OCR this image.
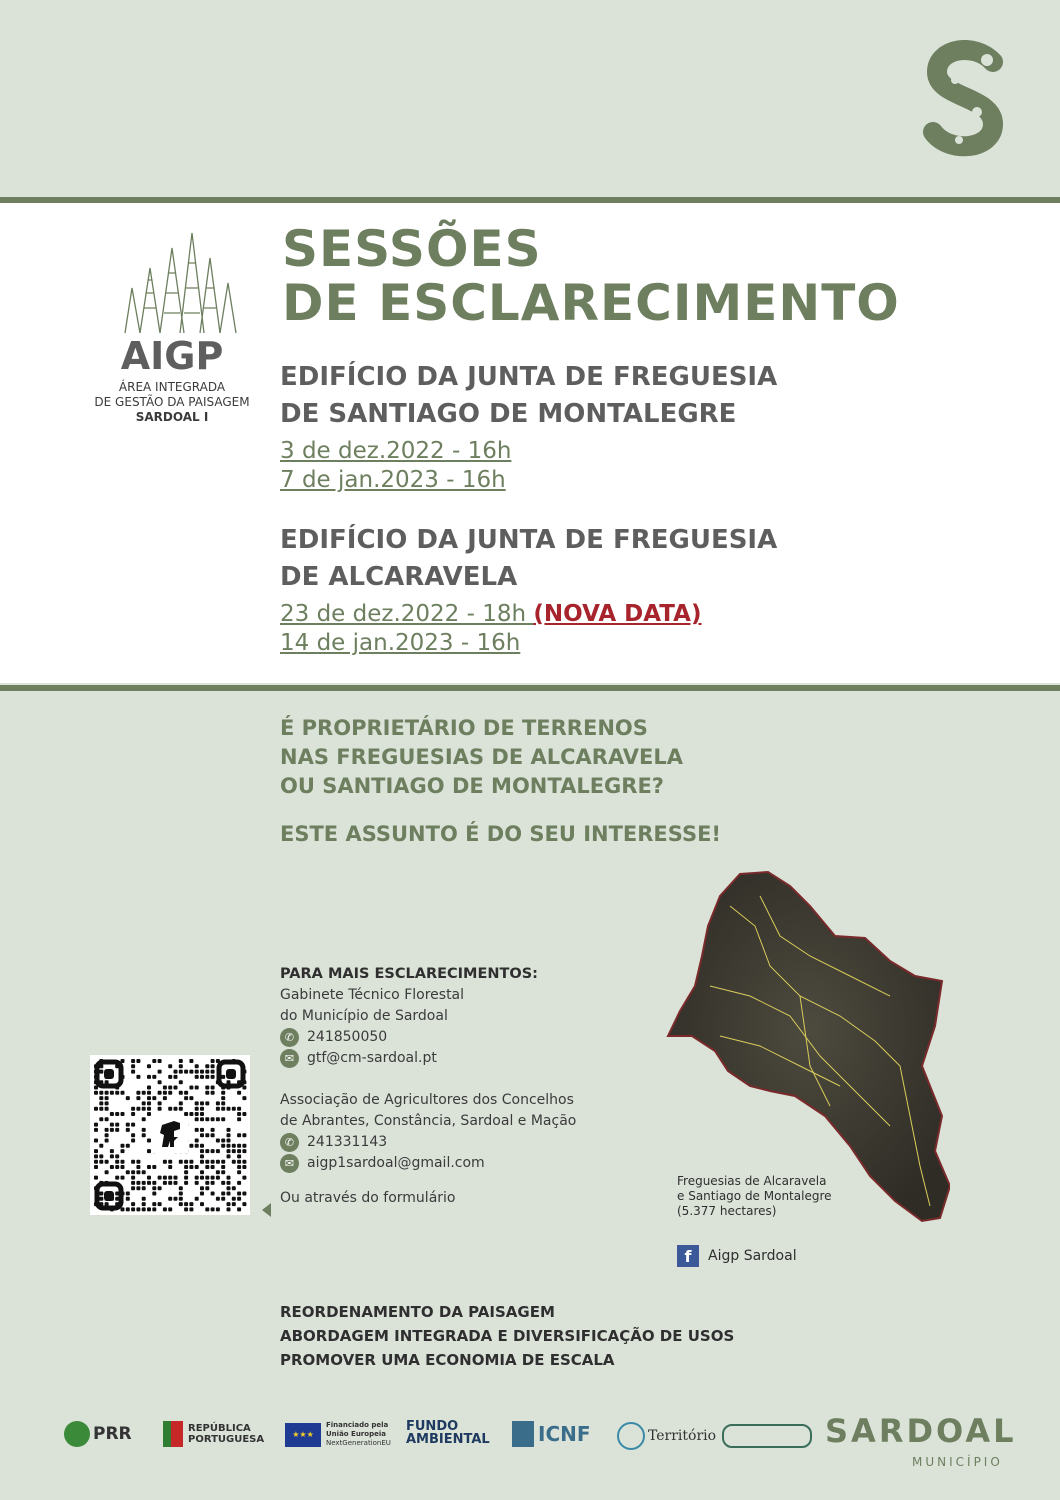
AIGP
ÁREA INTEGRADA
DE GESTÃO DA PAISAGEM
SARDOAL I
SESSÕES
DE ESCLARECIMENTO
EDIFÍCIO DA JUNTA DE FREGUESIA
DE SANTIAGO DE MONTALEGRE
3 de dez.2022 - 16h
7 de jan.2023 - 16h
EDIFÍCIO DA JUNTA DE FREGUESIA
DE ALCARAVELA
23 de dez.2022 - 18h (NOVA DATA)
14 de jan.2023 - 16h
É PROPRIETÁRIO DE TERRENOS
NAS FREGUESIAS DE ALCARAVELA
OU SANTIAGO DE MONTALEGRE?
ESTE ASSUNTO É DO SEU INTERESSE!
Freguesias de Alcaravela
e Santiago de Montalegre
(5.377 hectares)
f	Aigp Sardoal
PARA MAIS ESCLARECIMENTOS:
Gabinete Técnico Florestal
do Município de Sardoal
✆ 241850050
✉ gtf@cm-sardoal.pt
Associação de Agricultores dos Concelhos
de Abrantes, Constância, Sardoal e Mação
✆ 241331143
✉ aigp1sardoal@gmail.com
Ou através do formulário
REORDENAMENTO DA PAISAGEM
ABORDAGEM INTEGRADA E DIVERSIFICAÇÃO DE USOS
PROMOVER UMA ECONOMIA DE ESCALA
PRR	REPÚBLICA
PORTUGUESA	★★★
Financiado pela
União Europeia
NextGenerationEU
FUNDO
AMBIENTAL ICNF	Território	SARDOAL
MUNICÍPIO
